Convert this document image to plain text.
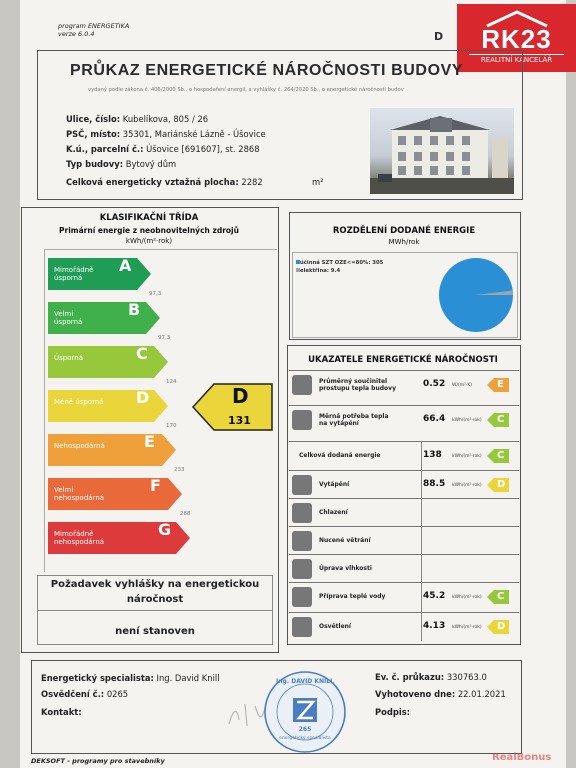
program ENERGETIKA
verze 6.0.4	D	RK23
REALITNÍ KANCELÁŘ
PRŮKAZ ENERGETICKÉ NÁROČNOSTI BUDOVY
vydaný podle zákona č. 406/2000 Sb., o hospodaření energií, a vyhlášky č. 264/2020 Sb., o energetické náročnosti budov
Ulice, číslo: Kubelíkova, 805 / 26
PSČ, místo: 35301, Mariánské Lázně - Úšovice
K.ú., parcelní č.: Úšovice [691607], st. 2868
Typ budovy: Bytový dům
Celková energeticky vztažná plocha: 2282	m²
KLASIFIKAČNÍ TŘÍDA
Primární energie z neobnovitelných zdrojů
kWh/(m²·rok)
Mimořádně
úsporná
A
97,3
Velmi
úsporná
B
97,3
Úsporná	C
124
Méně úsporná D
170
Nehospodárná E
233
Velmi
nehospodárná
F
288
Mimořádně
nehospodárná
G
D
131
Požadavek vyhlášky na energetickou
náročnost
není stanoven
ROZDĚLENÍ DODANÉ ENERGIE
MWh/rok
účinná SZT OZE<=80%: 305
elektřina: 9.4
UKAZATELE ENERGETICKÉ NÁROČNOSTI
Průměrný součinitel
prostupu tepla budovy	0.52 W/(m²·K) E
Měrná potřeba tepla
na vytápění	66.4 kWh/(m²·rok) C
Celková dodaná energie	138 kWh/(m²·rok) C
Vytápění	88.5 kWh/(m²·rok) D
Chlazení
Nucené větrání
Úprava vlhkosti
Příprava teplé vody	45.2 kWh/(m²·rok) C
Osvětlení	4.13 kWh/(m²·rok) D
Energetický specialista: Ing. David Knill
Osvědčení č.: 0265
Kontakt:
Ev. č. průkazu: 330763.0
Vyhotoveno dne: 22.01.2021
Podpis:
Ing. DAVID KNILL
265
energetický specialista
DEKSOFT - programy pro stavebníky	RealBonus
